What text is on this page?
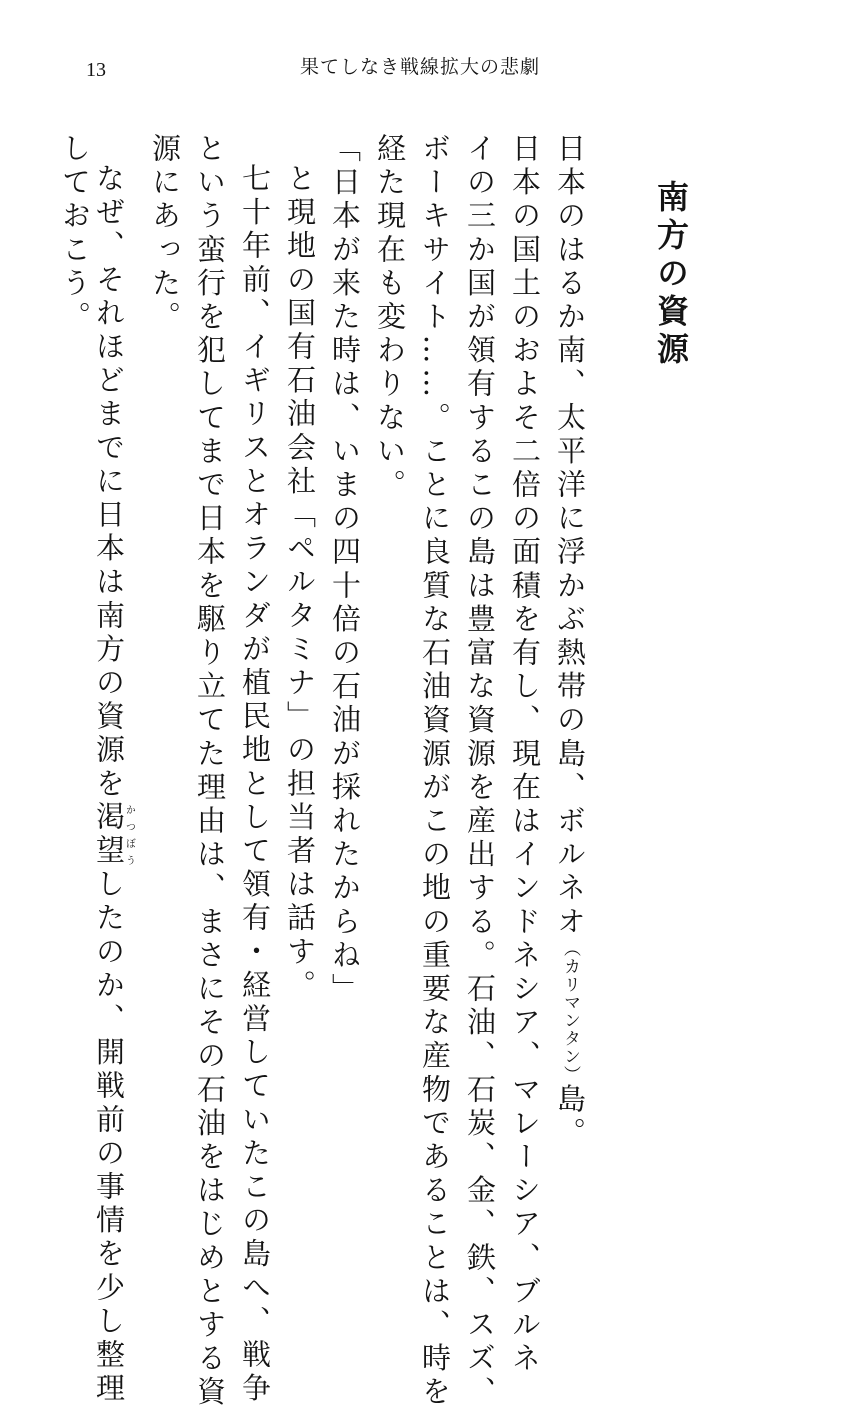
13	果てしなき戦線拡大の悲劇
南方の資源
日本のはるか南、太平洋に浮かぶ熱帯の島、ボルネオ（カリマンタン）島。
日本の国土のおよそ二倍の面積を有し、現在はインドネシア、マレーシア、ブルネ
イの三か国が領有するこの島は豊富な資源を産出する。石油、石炭、金、鉄、スズ、
ボーキサイト……。ことに良質な石油資源がこの地の重要な産物であることは、時を
経た現在も変わりない。
「日本が来た時は、いまの四十倍の石油が採れたからね」
と現地の国有石油会社「ペルタミナ」の担当者は話す。
七十年前、イギリスとオランダが植民地として領有・経営していたこの島へ、戦争
という蛮行を犯してまで日本を駆り立てた理由は、まさにその石油をはじめとする資
源にあった。
なぜ、それほどまでに日本は南方の資源を渇望かつぼうしたのか、開戦前の事情を少し整理
しておこう。
